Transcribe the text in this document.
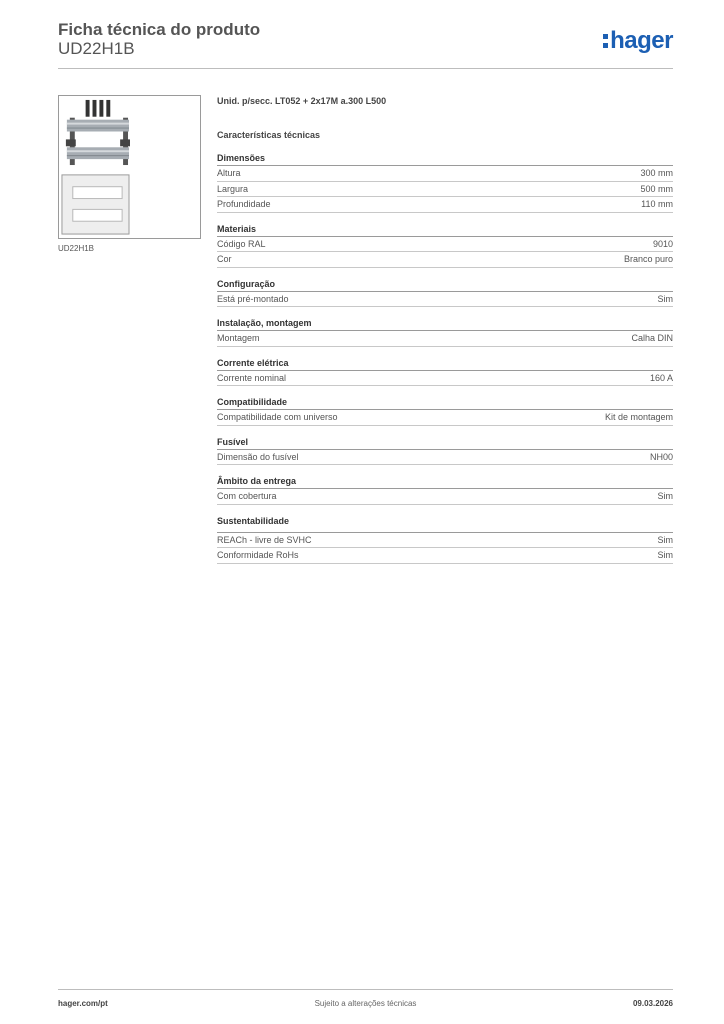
Ficha técnica do produto
UD22H1B	hager
UD22H1B
Unid. p/secc. LT052 + 2x17M a.300 L500
Características técnicas
Dimensões
Altura	300 mm
Largura	500 mm
Profundidade	110 mm
Materiais
Código RAL	9010
Cor	Branco puro
Configuração
Está pré-montado	Sim
Instalação, montagem
Montagem	Calha DIN
Corrente elétrica
Corrente nominal	160 A
Compatibilidade
Compatibilidade com universo	Kit de montagem
Fusível
Dimensão do fusível	NH00
Âmbito da entrega
Com cobertura	Sim
Sustentabilidade
REACh - livre de SVHC	Sim
Conformidade RoHs	Sim
hager.com/pt	Sujeito a alterações técnicas	09.03.2026
